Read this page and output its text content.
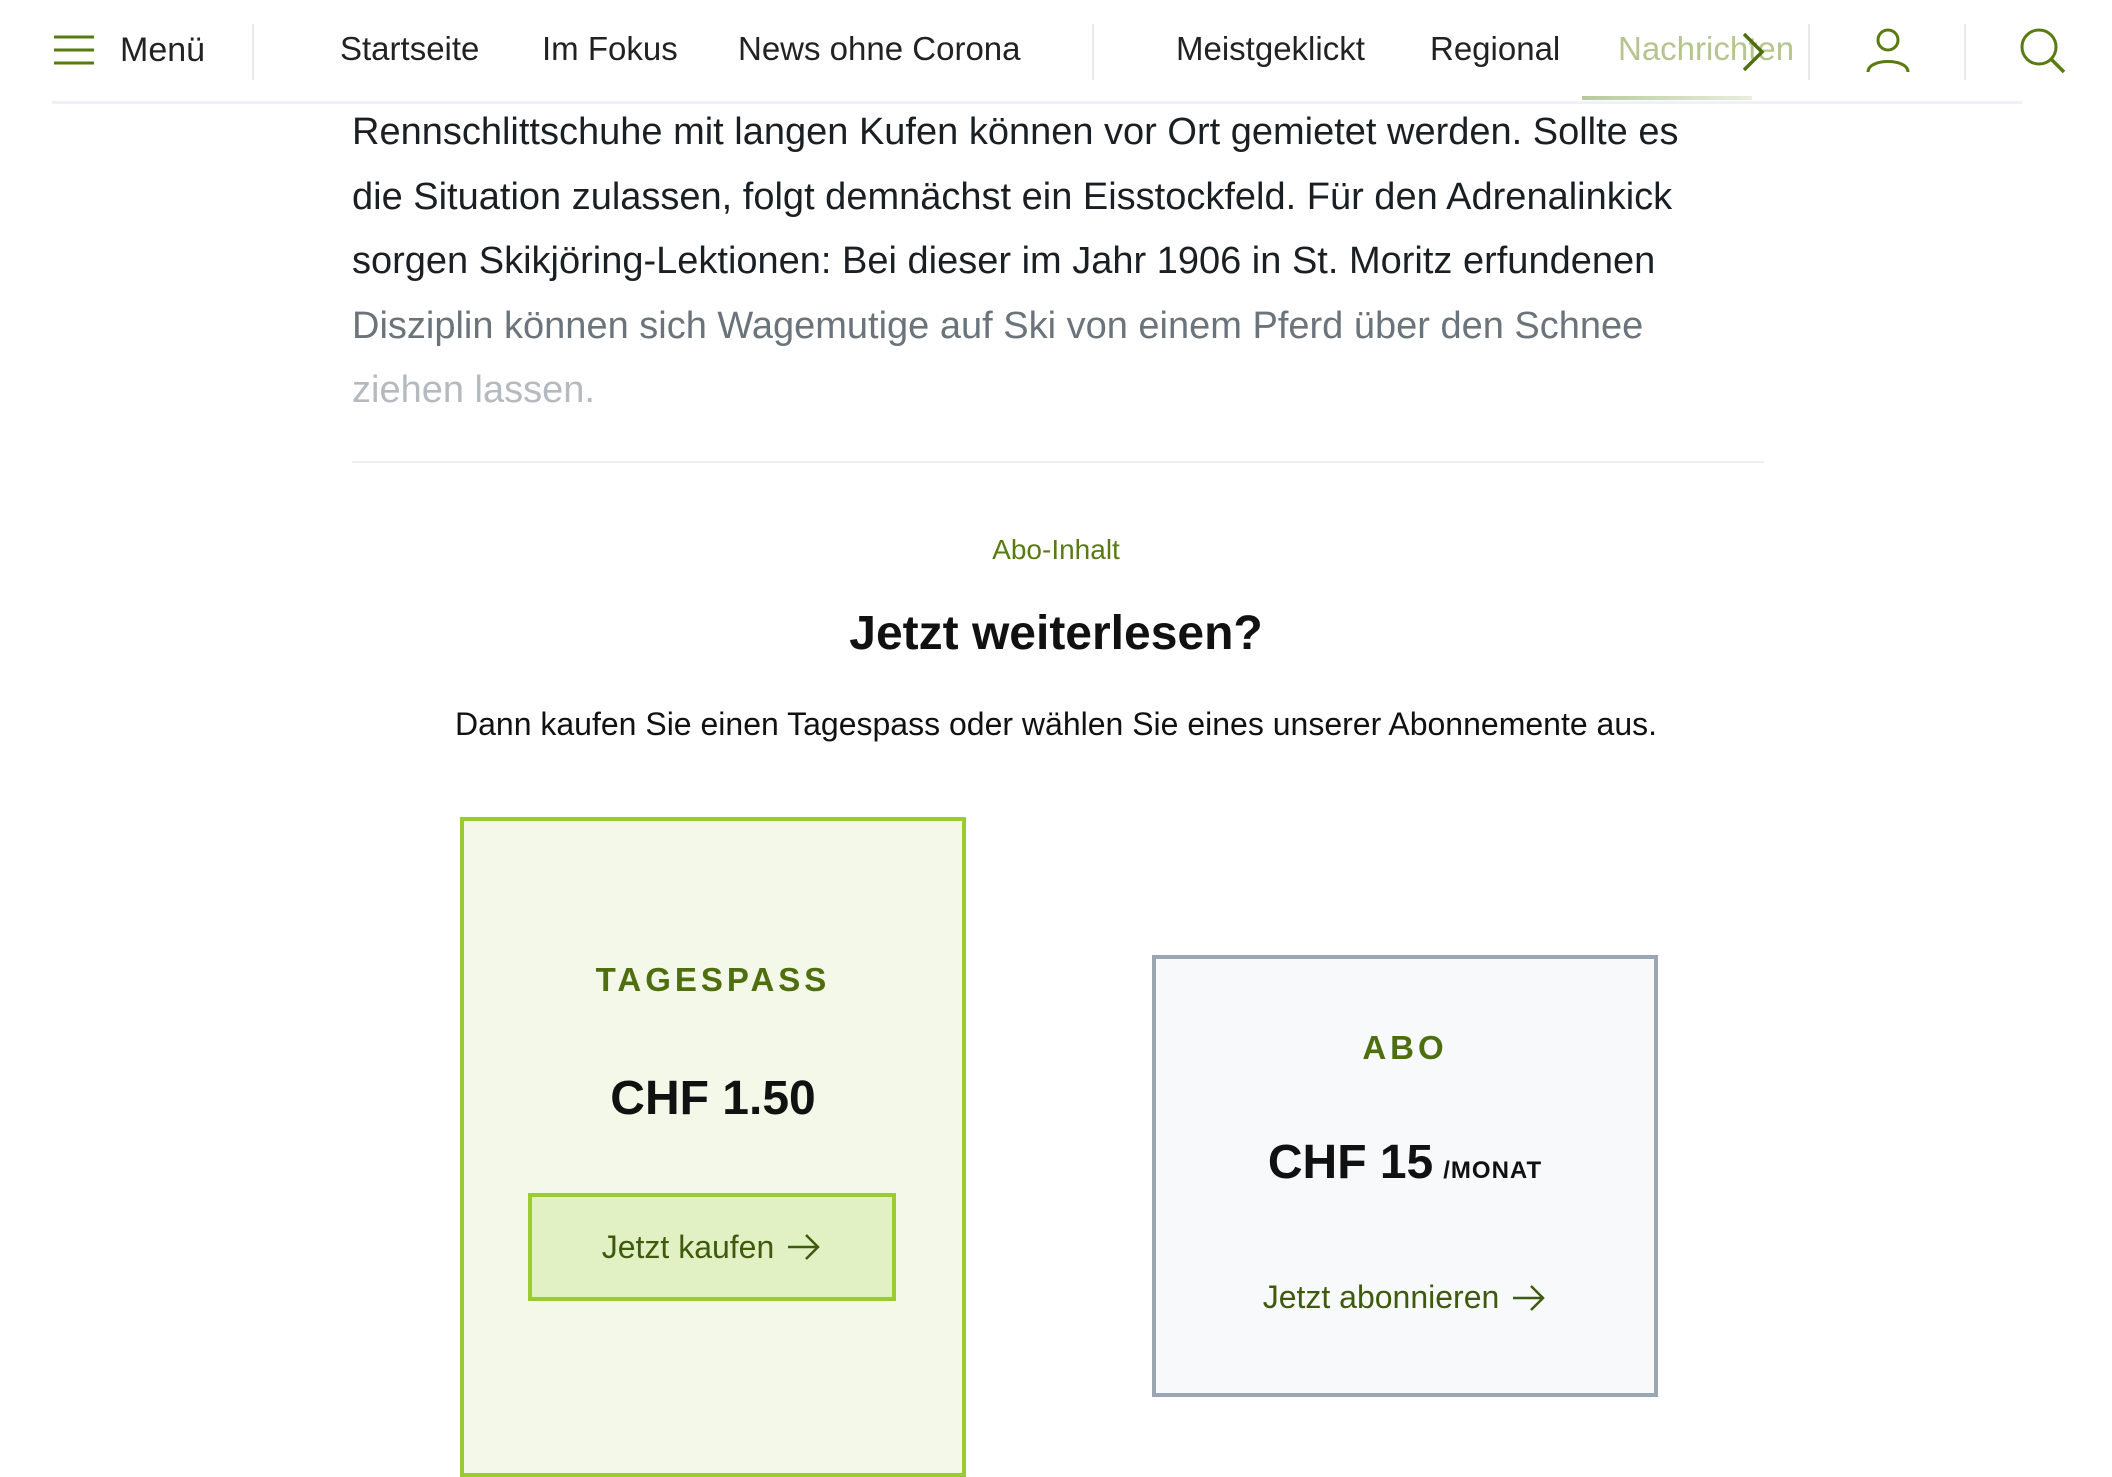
Menü	Startseite Im Fokus News ohne Corona	Meistgeklickt Regional Nachrichten

Rennschlittschuhe mit langen Kufen können vor Ort gemietet werden. Sollte es

die Situation zulassen, folgt demnächst ein Eisstockfeld. Für den Adrenalinkick

sorgen Skikjöring-Lektionen: Bei dieser im Jahr 1906 in St. Moritz erfundenen

Disziplin können sich Wagemutige auf Ski von einem Pferd über den Schnee

ziehen lassen.

Abo-Inhalt
Jetzt weiterlesen?
Dann kaufen Sie einen Tagespass oder wählen Sie eines unserer Abonnemente aus.
TAGESPASS
CHF 1.50
Jetzt kaufen
ABO
CHF 15 /MONAT
Jetzt abonnieren
